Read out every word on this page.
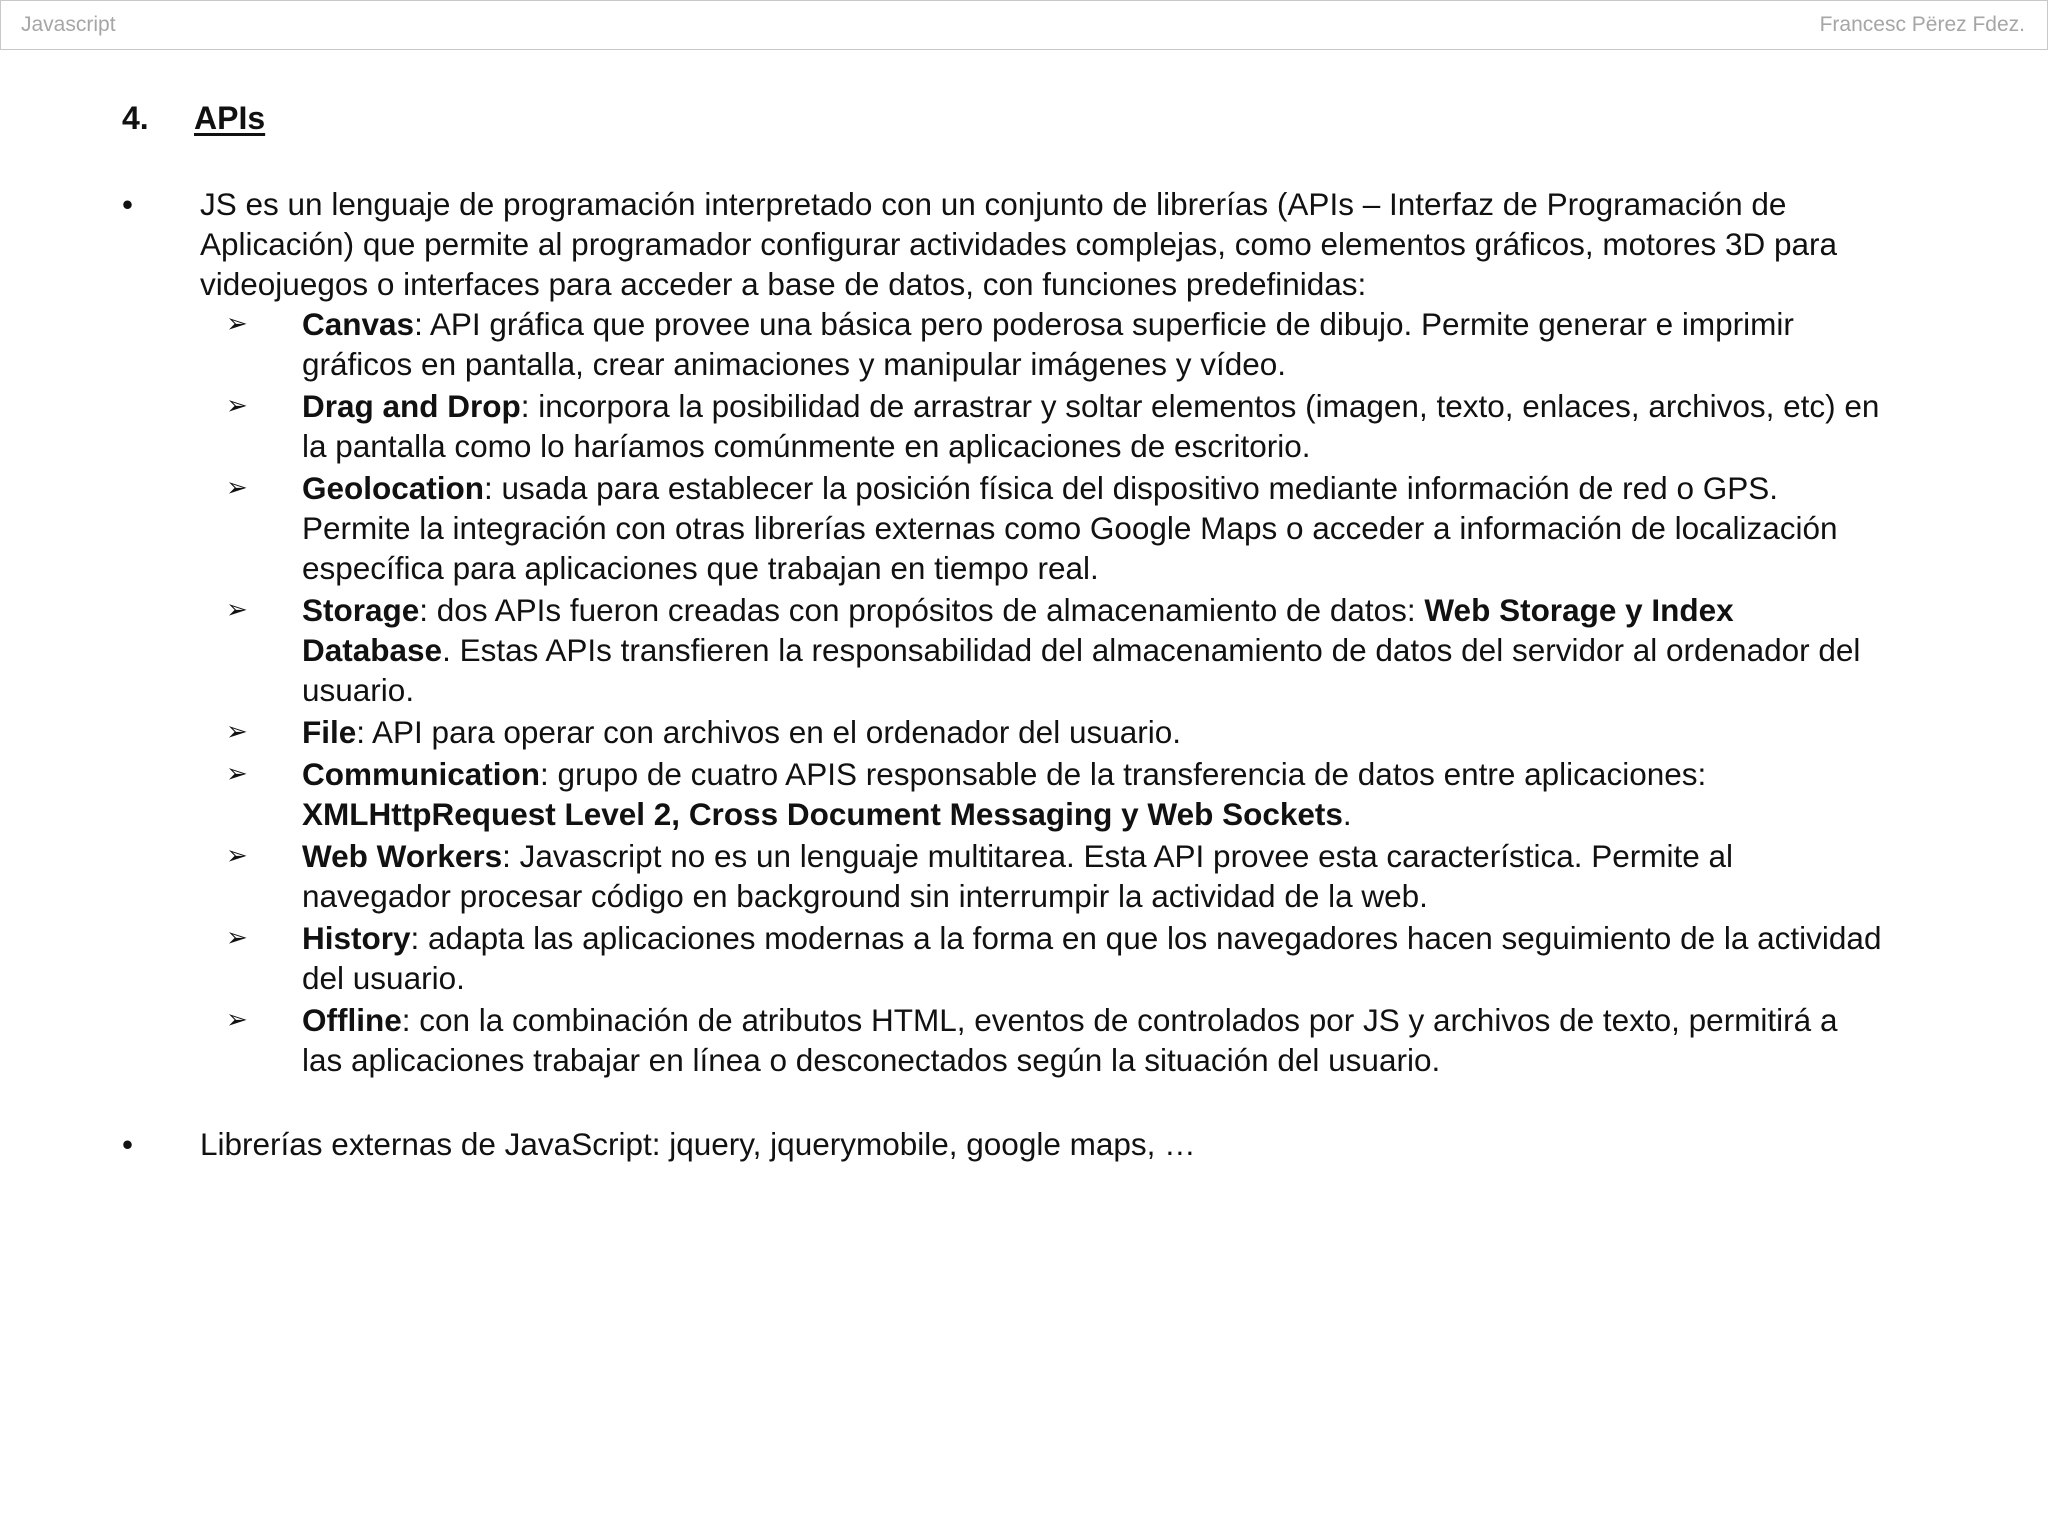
Javascript	Francesc Përez Fdez.
4. APIs
• JS es un lenguaje de programación interpretado con un conjunto de librerías (APIs – Interfaz de Programación de Aplicación) que permite al programador configurar actividades complejas, como elementos gráficos, motores 3D para videojuegos o interfaces para acceder a base de datos, con funciones predefinidas:
➢ Canvas: API gráfica que provee una básica pero poderosa superficie de dibujo. Permite generar e imprimir gráficos en pantalla, crear animaciones y manipular imágenes y vídeo.
➢ Drag and Drop: incorpora la posibilidad de arrastrar y soltar elementos (imagen, texto, enlaces, archivos, etc) en la pantalla como lo haríamos comúnmente en aplicaciones de escritorio.
➢ Geolocation: usada para establecer la posición física del dispositivo mediante información de red o GPS. Permite la integración con otras librerías externas como Google Maps o acceder a información de localización específica para aplicaciones que trabajan en tiempo real.
➢ Storage: dos APIs fueron creadas con propósitos de almacenamiento de datos: Web Storage y Index Database. Estas APIs transfieren la responsabilidad del almacenamiento de datos del servidor al ordenador del usuario.
➢ File: API para operar con archivos en el ordenador del usuario.
➢ Communication: grupo de cuatro APIS responsable de la transferencia de datos entre aplicaciones: XMLHttpRequest Level 2, Cross Document Messaging y Web Sockets.
➢ Web Workers: Javascript no es un lenguaje multitarea. Esta API provee esta característica. Permite al navegador procesar código en background sin interrumpir la actividad de la web.
➢ History: adapta las aplicaciones modernas a la forma en que los navegadores hacen seguimiento de la actividad del usuario.
➢ Offline: con la combinación de atributos HTML, eventos de controlados por JS y archivos de texto, permitirá a las aplicaciones trabajar en línea o desconectados según la situación del usuario.
• Librerías externas de JavaScript: jquery, jquerymobile, google maps, …
